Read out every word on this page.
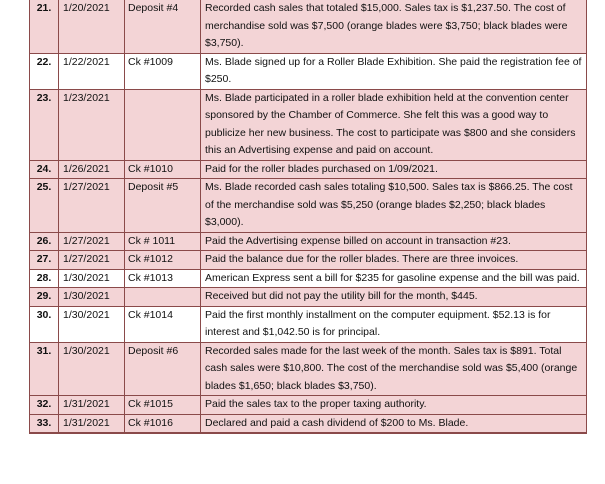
21.	1/20/2021	Deposit #4	Recorded cash sales that totaled $15,000. Sales tax is $1,237.50. The cost of merchandise sold was $7,500 (orange blades were $3,750; black blades were $3,750).
22.	1/22/2021	Ck #1009	Ms. Blade signed up for a Roller Blade Exhibition. She paid the registration fee of $250.
23.	1/23/2021		Ms. Blade participated in a roller blade exhibition held at the convention center sponsored by the Chamber of Commerce. She felt this was a good way to publicize her new business. The cost to participate was $800 and she considers this an Advertising expense and paid on account.
24.	1/26/2021	Ck #1010	Paid for the roller blades purchased on 1/09/2021.
25.	1/27/2021	Deposit #5	Ms. Blade recorded cash sales totaling $10,500. Sales tax is $866.25. The cost of the merchandise sold was $5,250 (orange blades $2,250; black blades $3,000).
26.	1/27/2021	Ck # 1011	Paid the Advertising expense billed on account in transaction #23.
27.	1/27/2021	Ck #1012	Paid the balance due for the roller blades. There are three invoices.
28.	1/30/2021	Ck #1013	American Express sent a bill for $235 for gasoline expense and the bill was paid.
29.	1/30/2021		Received but did not pay the utility bill for the month, $445.
30.	1/30/2021	Ck #1014	Paid the first monthly installment on the computer equipment. $52.13 is for interest and $1,042.50 is for principal.
31.	1/30/2021	Deposit #6	Recorded sales made for the last week of the month. Sales tax is $891. Total cash sales were $10,800. The cost of the merchandise sold was $5,400 (orange blades $1,650; black blades $3,750).
32.	1/31/2021	Ck #1015	Paid the sales tax to the proper taxing authority.
33.	1/31/2021	Ck #1016	Declared and paid a cash dividend of $200 to Ms. Blade.
